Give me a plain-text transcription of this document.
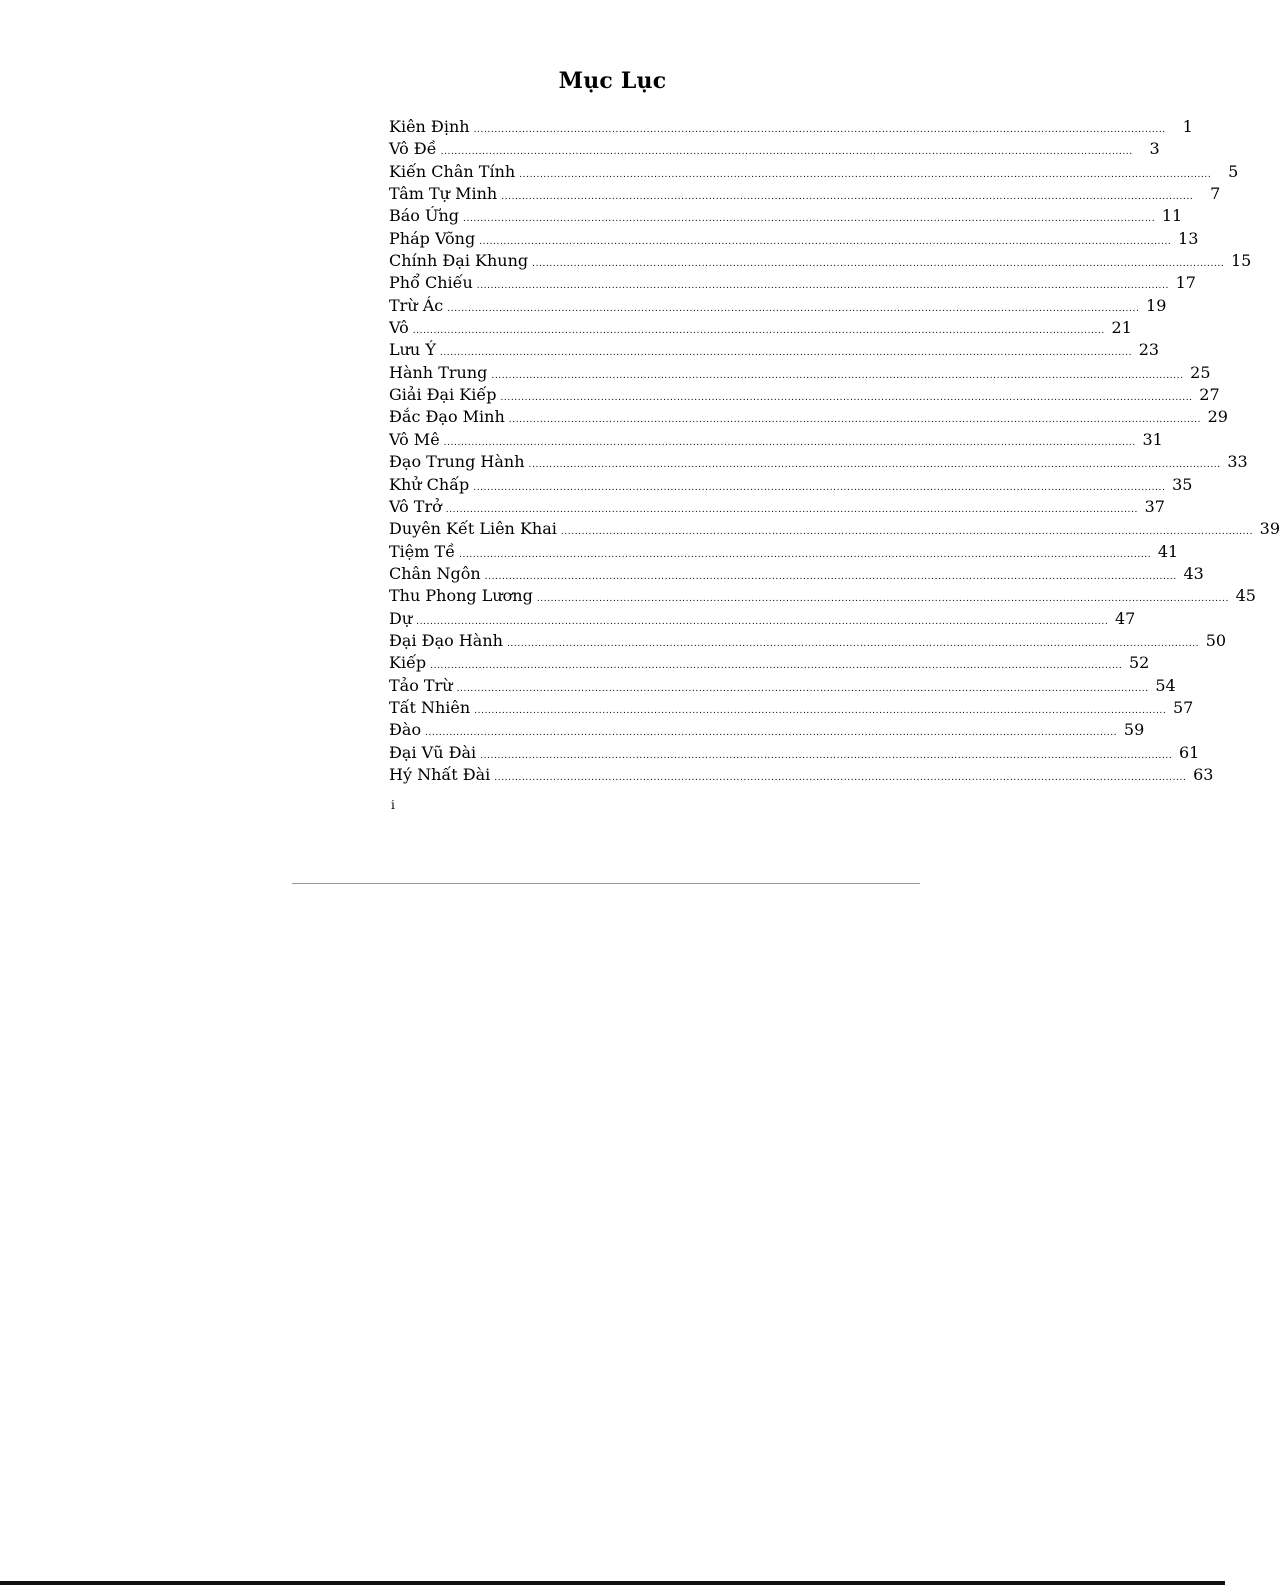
Mục Lục
Kiên Định ........................................................................................................................................................................................................	1
Vô Đề ........................................................................................................................................................................................................	3
Kiến Chân Tính ........................................................................................................................................................................................................	5
Tâm Tự Minh ........................................................................................................................................................................................................	7
Báo Ứng ........................................................................................................................................................................................................ 11
Pháp Võng ........................................................................................................................................................................................................ 13
Chính Đại Khung ........................................................................................................................................................................................................ 15
Phổ Chiếu ........................................................................................................................................................................................................ 17
Trừ Ác ........................................................................................................................................................................................................ 19
Vô ........................................................................................................................................................................................................ 21
Lưu Ý ........................................................................................................................................................................................................ 23
Hành Trung ........................................................................................................................................................................................................ 25
Giải Đại Kiếp ........................................................................................................................................................................................................ 27
Đắc Đạo Minh ........................................................................................................................................................................................................ 29
Vô Mê ........................................................................................................................................................................................................ 31
Đạo Trung Hành ........................................................................................................................................................................................................ 33
Khử Chấp ........................................................................................................................................................................................................ 35
Vô Trở ........................................................................................................................................................................................................ 37
Duyên Kết Liên Khai ........................................................................................................................................................................................................ 39
Tiệm Tề ........................................................................................................................................................................................................ 41
Chân Ngôn ........................................................................................................................................................................................................ 43
Thu Phong Lương ........................................................................................................................................................................................................ 45
Dự ........................................................................................................................................................................................................ 47
Đại Đạo Hành ........................................................................................................................................................................................................ 50
Kiếp ........................................................................................................................................................................................................ 52
Tảo Trừ ........................................................................................................................................................................................................ 54
Tất Nhiên ........................................................................................................................................................................................................ 57
Đào ........................................................................................................................................................................................................ 59
Đại Vũ Đài ........................................................................................................................................................................................................ 61
Hý Nhất Đài ........................................................................................................................................................................................................ 63
i
